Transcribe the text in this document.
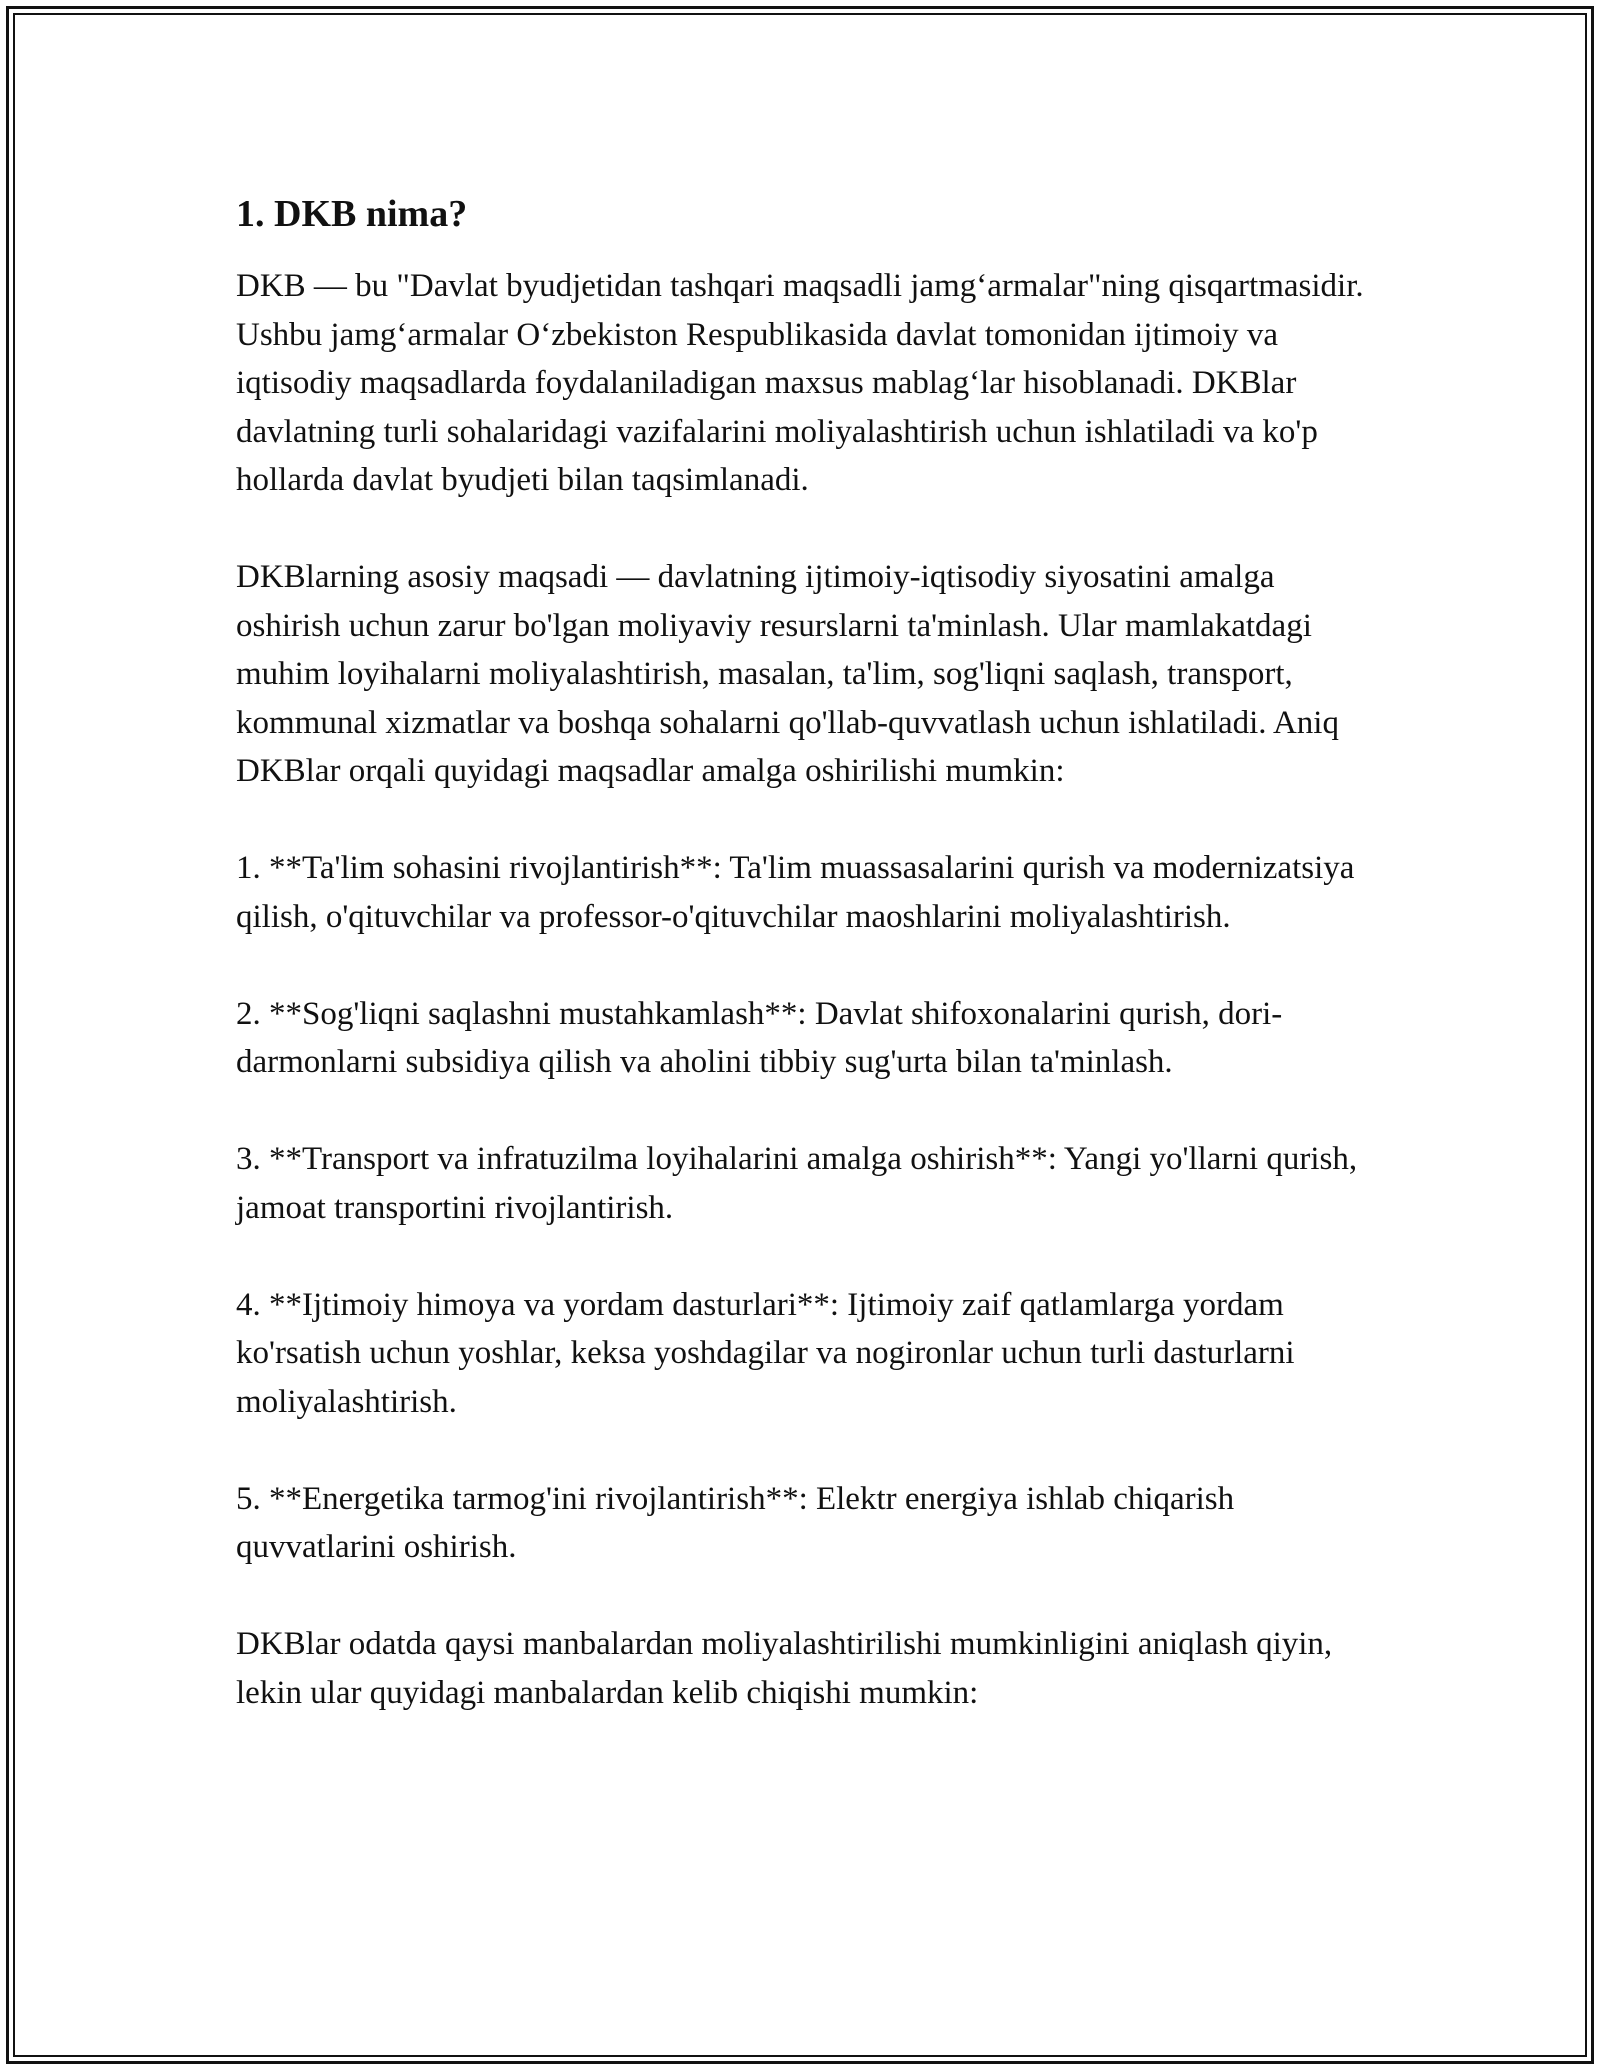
1. DKB nima?

DKB — bu "Davlat byudjetidan tashqari maqsadli jamg‘armalar"ning qisqartmasidir. Ushbu jamg‘armalar O‘zbekiston Respublikasida davlat tomonidan ijtimoiy va iqtisodiy maqsadlarda foydalaniladigan maxsus mablag‘lar hisoblanadi. DKBlar davlatning turli sohalaridagi vazifalarini moliyalashtirish uchun ishlatiladi va ko'p hollarda davlat byudjeti bilan taqsimlanadi.

DKBlarning asosiy maqsadi — davlatning ijtimoiy-iqtisodiy siyosatini amalga oshirish uchun zarur bo'lgan moliyaviy resurslarni ta'minlash. Ular mamlakatdagi muhim loyihalarni moliyalashtirish, masalan, ta'lim, sog'liqni saqlash, transport, kommunal xizmatlar va boshqa sohalarni qo'llab-quvvatlash uchun ishlatiladi. Aniq DKBlar orqali quyidagi maqsadlar amalga oshirilishi mumkin:

1. **Ta'lim sohasini rivojlantirish**: Ta'lim muassasalarini qurish va modernizatsiya qilish, o'qituvchilar va professor-o'qituvchilar maoshlarini moliyalashtirish.

2. **Sog'liqni saqlashni mustahkamlash**: Davlat shifoxonalarini qurish, dori-darmonlarni subsidiya qilish va aholini tibbiy sug'urta bilan ta'minlash.

3. **Transport va infratuzilma loyihalarini amalga oshirish**: Yangi yo'llarni qurish, jamoat transportini rivojlantirish.

4. **Ijtimoiy himoya va yordam dasturlari**: Ijtimoiy zaif qatlamlarga yordam ko'rsatish uchun yoshlar, keksa yoshdagilar va nogironlar uchun turli dasturlarni moliyalashtirish.

5. **Energetika tarmog'ini rivojlantirish**: Elektr energiya ishlab chiqarish quvvatlarini oshirish.

DKBlar odatda qaysi manbalardan moliyalashtirilishi mumkinligini aniqlash qiyin, lekin ular quyidagi manbalardan kelib chiqishi mumkin:
